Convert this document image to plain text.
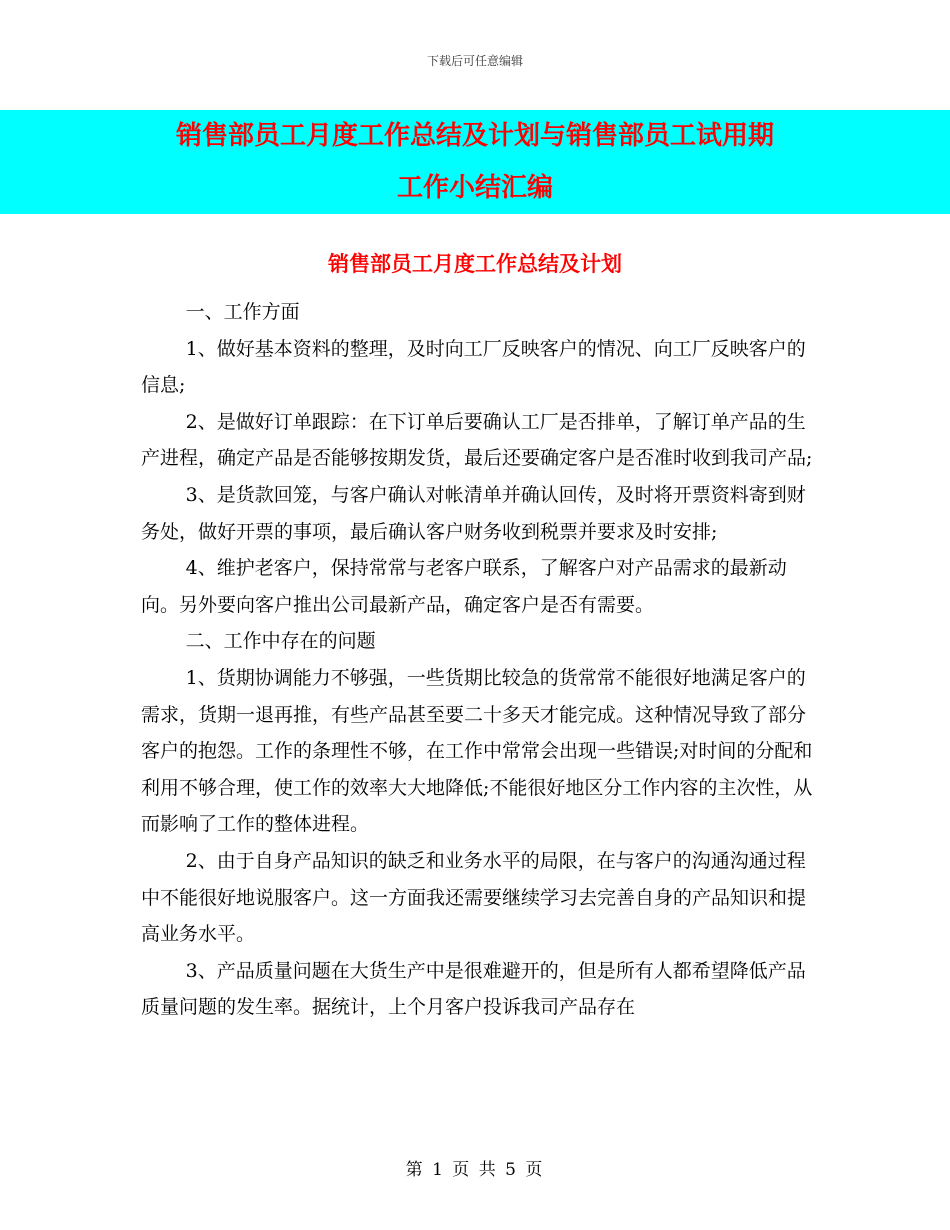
下载后可任意编辑
销售部员工月度工作总结及计划与销售部员工试用期
工作小结汇编
销售部员工月度工作总结及计划

一、工作方面

1、做好基本资料的整理，及时向工厂反映客户的情况、向工厂反映客户的信息;

2、是做好订单跟踪：在下订单后要确认工厂是否排单，了解订单产品的生产进程，确定产品是否能够按期发货，最后还要确定客户是否准时收到我司产品;

3、是货款回笼，与客户确认对帐清单并确认回传，及时将开票资料寄到财务处，做好开票的事项，最后确认客户财务收到税票并要求及时安排;

4、维护老客户，保持常常与老客户联系，了解客户对产品需求的最新动向。另外要向客户推出公司最新产品，确定客户是否有需要。

二、工作中存在的问题

1、货期协调能力不够强，一些货期比较急的货常常不能很好地满足客户的需求，货期一退再推，有些产品甚至要二十多天才能完成。这种情况导致了部分客户的抱怨。工作的条理性不够，在工作中常常会出现一些错误;对时间的分配和利用不够合理，使工作的效率大大地降低;不能很好地区分工作内容的主次性，从而影响了工作的整体进程。

2、由于自身产品知识的缺乏和业务水平的局限，在与客户的沟通沟通过程中不能很好地说服客户。这一方面我还需要继续学习去完善自身的产品知识和提高业务水平。

3、产品质量问题在大货生产中是很难避开的，但是所有人都希望降低产品质量问题的发生率。据统计，上个月客户投诉我司产品存在

第 1 页 共 5 页
